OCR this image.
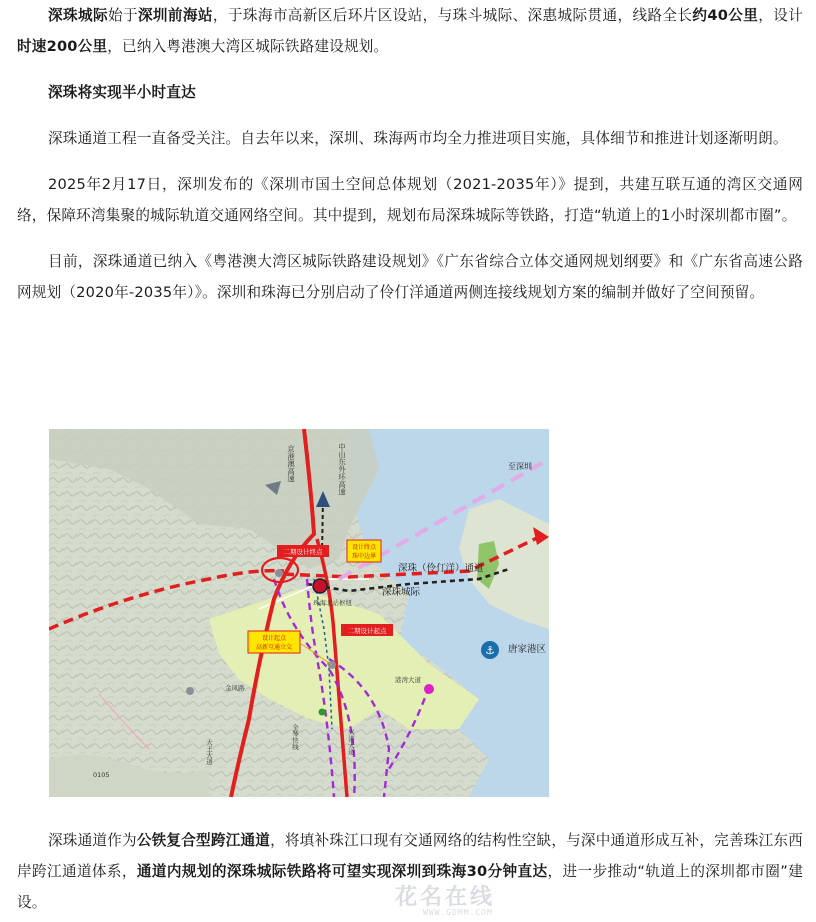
深珠城际始于深圳前海站，于珠海市高新区后环片区设站，与珠斗城际、深惠城际贯通，线路全长约40公里，设计时速200公里，已纳入粤港澳大湾区城际铁路建设规划。

深珠将实现半小时直达

深珠通道工程一直备受关注。自去年以来，深圳、珠海两市均全力推进项目实施，具体细节和推进计划逐渐明朗。

2025年2月17日，深圳发布的《深圳市国土空间总体规划（2021-2035年）》提到，共建互联互通的湾区交通网络，保障环湾集聚的城际轨道交通网络空间。其中提到，规划布局深珠城际等铁路，打造“轨道上的1小时深圳都市圈”。

目前，深珠通道已纳入《粤港澳大湾区城际铁路建设规划》《广东省综合立体交通网规划纲要》和《广东省高速公路网规划（2020年-2035年）》。深圳和珠海已分别启动了伶仃洋通道两侧连接线规划方案的编制并做好了空间预留。

⚓
京港澳高速	中山东外环高速	至深圳
深珠（伶仃洋）通道
深珠城际
唐家港区
珠海北站枢纽
港湾大道
金凤路
金琴快线	兴港大道
大王大道
0105
二期设计终点
设计终点
珠中边界
二期设计起点
设计起点
高新互通立交

深珠通道作为公铁复合型跨江通道，将填补珠江口现有交通网络的结构性空缺，与深中通道形成互补，完善珠江东西岸跨江通道体系，通道内规划的深珠城际铁路将可望实现深圳到珠海30分钟直达，进一步推动“轨道上的深圳都市圈”建设。	花名在线
WWW.GDMM.COM
